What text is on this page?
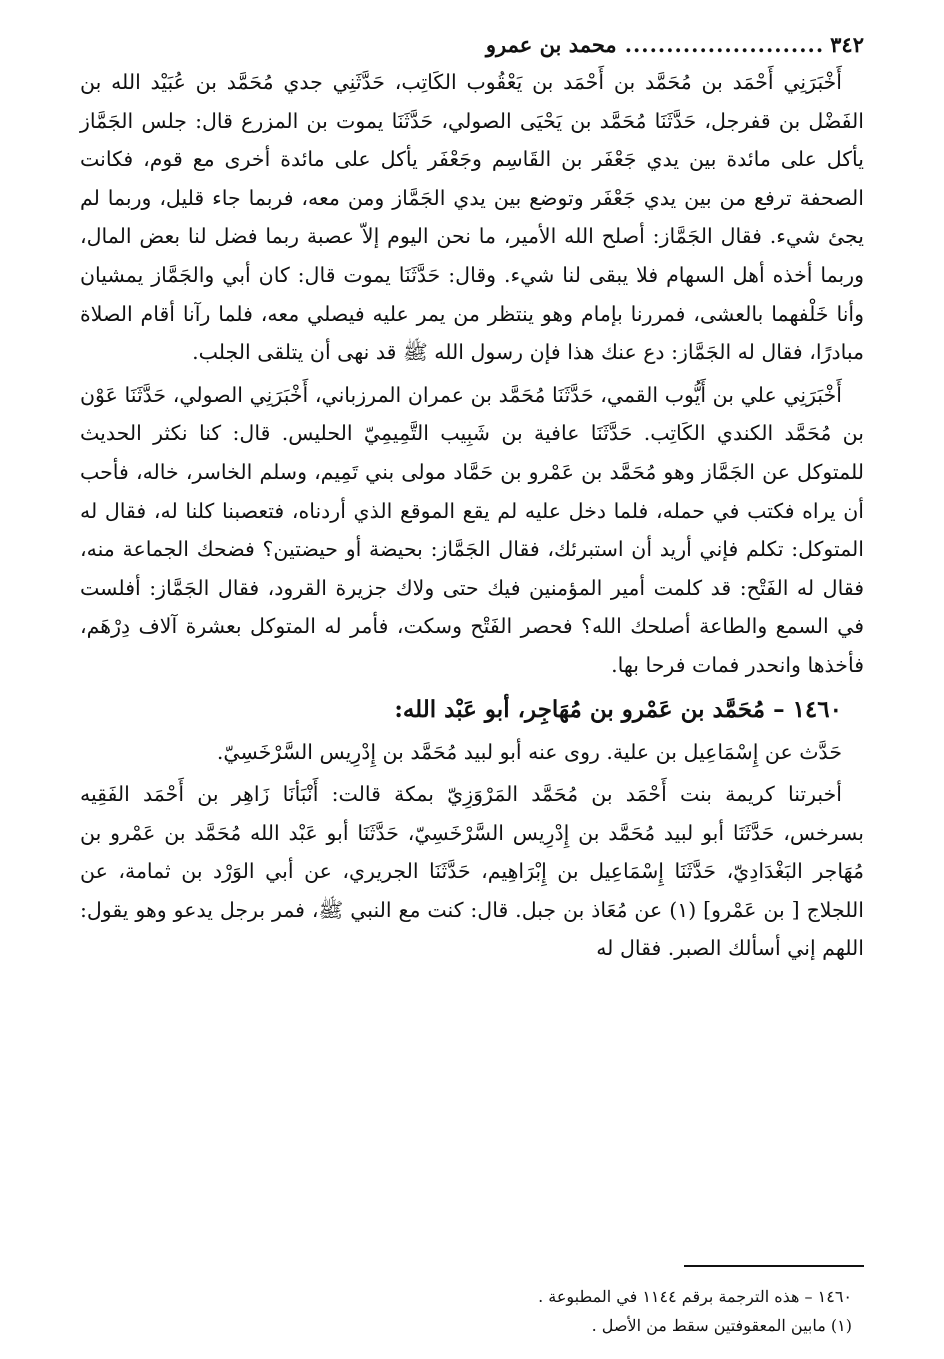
٣٤٢
........................
محمد بن عمرو

أَخْبَرَنِي أَحْمَد بن مُحَمَّد بن أَحْمَد بن يَعْقُوب الكَاتِب، حَدَّثَنِي جدي مُحَمَّد بن عُبَيْد الله بن الفَضْل بن قفرجل، حَدَّثَنَا مُحَمَّد بن يَحْيَى الصولي، حَدَّثَنَا يموت بن المزرع قال: جلس الجَمَّاز يأكل على مائدة بين يدي جَعْفَر بن القَاسِم وجَعْفَر يأكل على مائدة أخرى مع قوم، فكانت الصحفة ترفع من بين يدي جَعْفَر وتوضع بين يدي الجَمَّاز ومن معه، فربما جاء قليل، وربما لم يجئ شيء. فقال الجَمَّاز: أصلح الله الأمير، ما نحن اليوم إلاّ عصبة ربما فضل لنا بعض المال، وربما أخذه أهل السهام فلا يبقى لنا شيء. وقال: حَدَّثَنَا يموت قال: كان أبي والجَمَّاز يمشيان وأنا خَلْفهما بالعشى، فمررنا بإمام وهو ينتظر من يمر عليه فيصلي معه، فلما رآنا أقام الصلاة مبادرًا، فقال له الجَمَّاز: دع عنك هذا فإن رسول الله ﷺ قد نهى أن يتلقى الجلب.

أَخْبَرَنِي علي بن أَيُّوب القمي، حَدَّثَنَا مُحَمَّد بن عمران المرزباني، أَخْبَرَنِي الصولي، حَدَّثَنَا عَوْن بن مُحَمَّد الكندي الكَاتِب. حَدَّثَنَا عافية بن شَبِيب التَّمِيمِيّ الحليس. قال: كنا نكثر الحديث للمتوكل عن الجَمَّاز وهو مُحَمَّد بن عَمْرو بن حَمَّاد مولى بني تَمِيم، وسلم الخاسر، خاله، فأحب أن يراه فكتب في حمله، فلما دخل عليه لم يقع الموقع الذي أردناه، فتعصبنا كلنا له، فقال له المتوكل: تكلم فإني أريد أن استبرئك، فقال الجَمَّاز: بحيضة أو حيضتين؟ فضحك الجماعة منه، فقال له الفَتْح: قد كلمت أمير المؤمنين فيك حتى ولاك جزيرة القرود، فقال الجَمَّاز: أفلست في السمع والطاعة أصلحك الله؟ فحصر الفَتْح وسكت، فأمر له المتوكل بعشرة آلاف دِرْهَم، فأخذها وانحدر فمات فرحا بها.

١٤٦٠ – مُحَمَّد بن عَمْرو بن مُهَاجِر، أبو عَبْد الله:

حَدَّث عن إِسْمَاعِيل بن علية. روى عنه أبو لبيد مُحَمَّد بن إِدْرِيس السَّرْخَسِيّ.

أخبرتنا كريمة بنت أَحْمَد بن مُحَمَّد المَرْوَزِيّ بمكة قالت: أَنْبَأنَا زَاهِر بن أَحْمَد الفَقِيه بسرخس، حَدَّثَنَا أبو لبيد مُحَمَّد بن إِدْرِيس السَّرْخَسِيّ، حَدَّثَنَا أبو عَبْد الله مُحَمَّد بن عَمْرو بن مُهَاجر البَغْدَادِيّ، حَدَّثَنَا إِسْمَاعِيل بن إِبْرَاهِيم، حَدَّثَنَا الجريري، عن أبي الوَرْد بن ثمامة، عن اللجلاج [ بن عَمْرو] (١) عن مُعَاذ بن جبل. قال: كنت مع النبي ﷺ، فمر برجل يدعو وهو يقول: اللهم إني أسألك الصبر. فقال له

١٤٦٠ – هذه الترجمة برقم ١١٤٤ في المطبوعة .

(١) مابين المعقوفتين سقط من الأصل .
